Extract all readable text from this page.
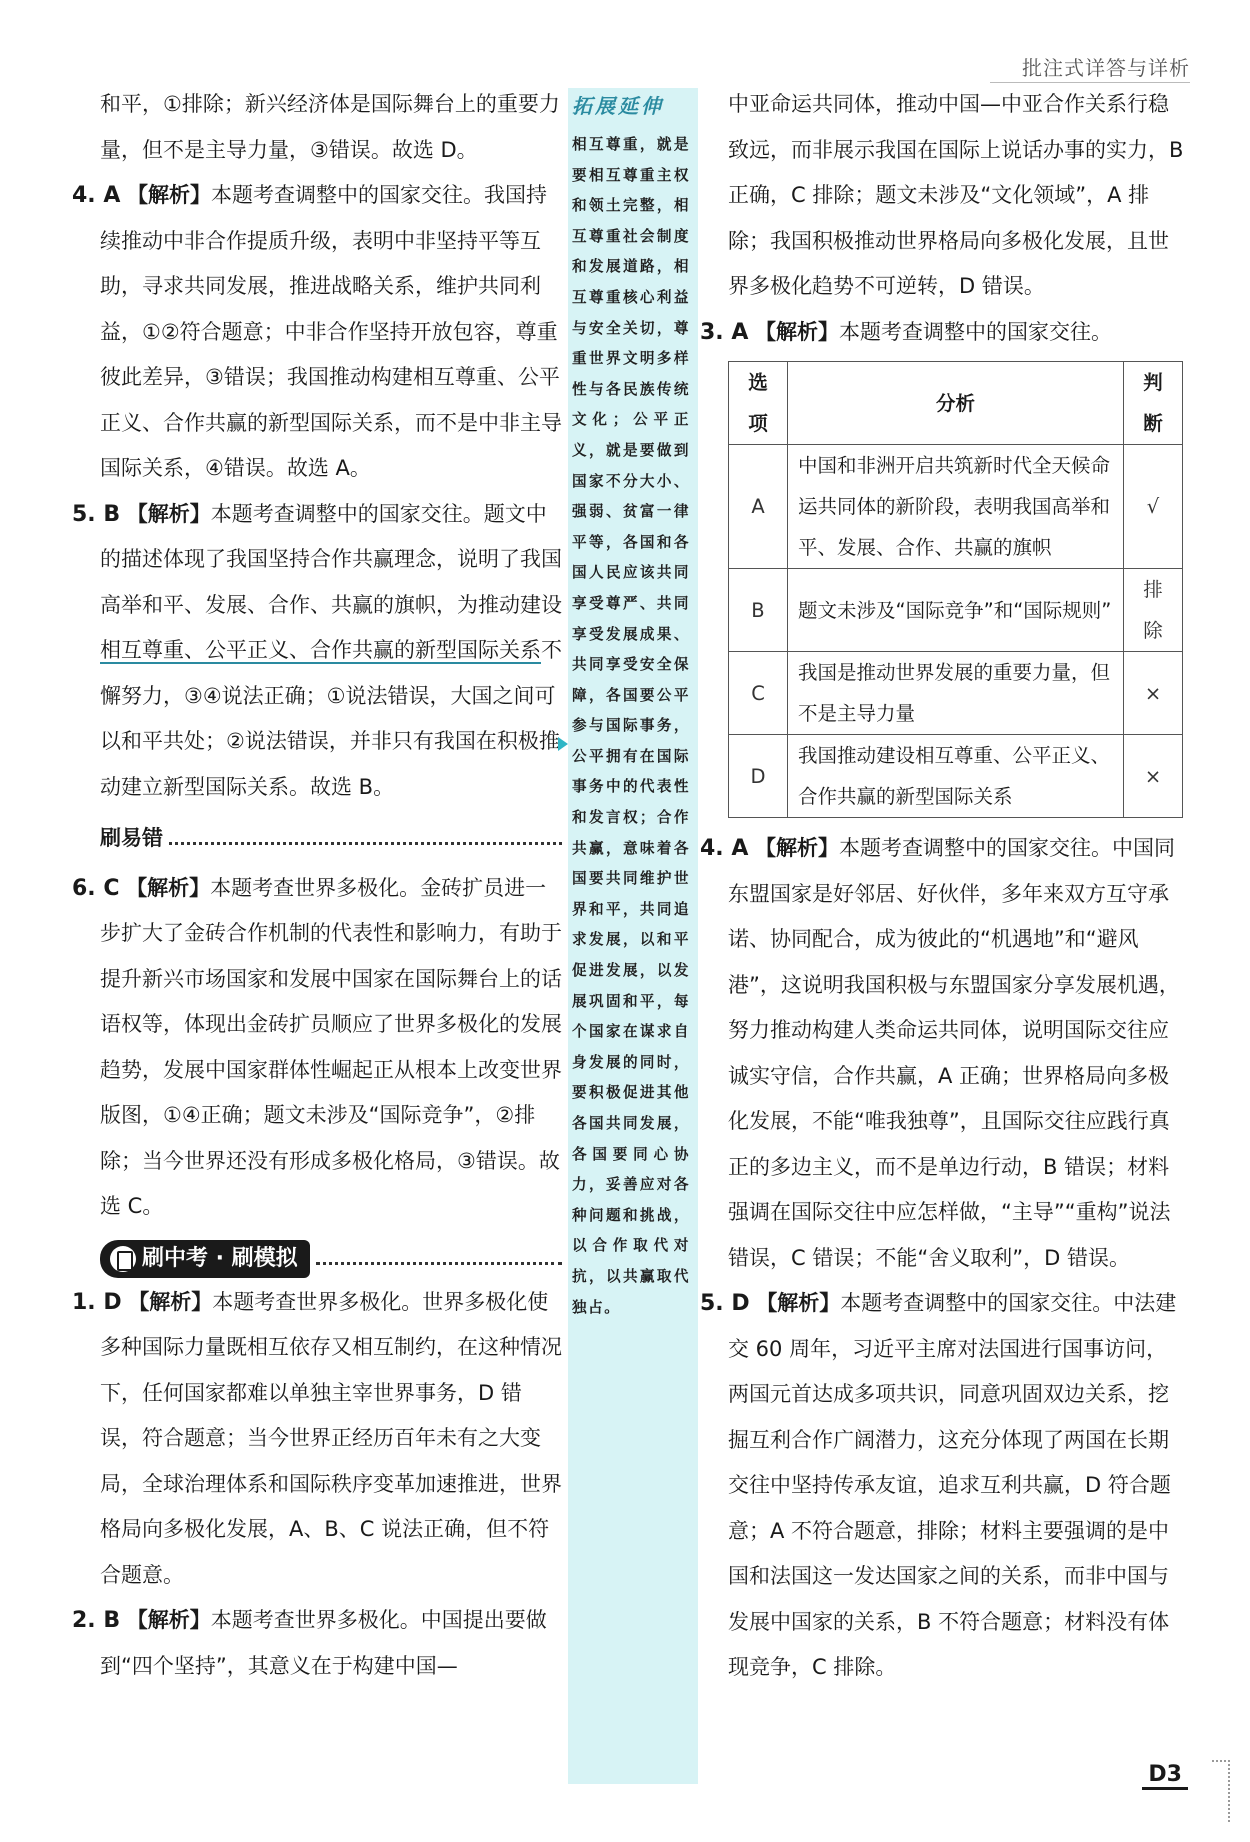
批注式详答与详析

和平，①排除；新兴经济体是国际舞台上的重要力量，但不是主导力量，③错误。故选 D。

4. A 【解析】本题考查调整中的国家交往。我国持续推动中非合作提质升级，表明中非坚持平等互助，寻求共同发展，推进战略关系，维护共同利益，①②符合题意；中非合作坚持开放包容，尊重彼此差异，③错误；我国推动构建相互尊重、公平正义、合作共赢的新型国际关系，而不是中非主导国际关系，④错误。故选 A。

5. B 【解析】本题考查调整中的国家交往。题文中的描述体现了我国坚持合作共赢理念，说明了我国高举和平、发展、合作、共赢的旗帜，为推动建设相互尊重、公平正义、合作共赢的新型国际关系不懈努力，③④说法正确；①说法错误，大国之间可以和平共处；②说法错误，并非只有我国在积极推动建立新型国际关系。故选 B。

刷易错

6. C 【解析】本题考查世界多极化。金砖扩员进一步扩大了金砖合作机制的代表性和影响力，有助于提升新兴市场国家和发展中国家在国际舞台上的话语权等，体现出金砖扩员顺应了世界多极化的发展趋势，发展中国家群体性崛起正从根本上改变世界版图，①④正确；题文未涉及“国际竞争”，②排除；当今世界还没有形成多极化格局，③错误。故选 C。

刷中考 · 刷模拟

1. D 【解析】本题考查世界多极化。世界多极化使多种国际力量既相互依存又相互制约，在这种情况下，任何国家都难以单独主宰世界事务，D 错误，符合题意；当今世界正经历百年未有之大变局，全球治理体系和国际秩序变革加速推进，世界格局向多极化发展，A、B、C 说法正确，但不符合题意。

2. B 【解析】本题考查世界多极化。中国提出要做到“四个坚持”，其意义在于构建中国—

拓展延伸
相互尊重，就是要相互尊重主权和领土完整，相互尊重社会制度和发展道路，相互尊重核心利益与安全关切，尊重世界文明多样性与各民族传统文化；公平正义，就是要做到国家不分大小、强弱、贫富一律平等，各国和各国人民应该共同享受尊严、共同享受发展成果、共同享受安全保障，各国要公平参与国际事务，公平拥有在国际事务中的代表性和发言权；合作共赢，意味着各国要共同维护世界和平，共同追求发展，以和平促进发展，以发展巩固和平，每个国家在谋求自身发展的同时，要积极促进其他各国共同发展，各国要同心协力，妥善应对各种问题和挑战，以合作取代对抗，以共赢取代独占。

中亚命运共同体，推动中国—中亚合作关系行稳致远，而非展示我国在国际上说话办事的实力，B 正确，C 排除；题文未涉及“文化领域”，A 排除；我国积极推动世界格局向多极化发展，且世界多极化趋势不可逆转，D 错误。

3. A 【解析】本题考查调整中的国家交往。

选项	分析	判断
A	中国和非洲开启共筑新时代全天候命运共同体的新阶段，表明我国高举和平、发展、合作、共赢的旗帜	√
B	题文未涉及“国际竞争”和“国际规则”	排除
C	我国是推动世界发展的重要力量，但不是主导力量	×
D	我国推动建设相互尊重、公平正义、合作共赢的新型国际关系	×

4. A 【解析】本题考查调整中的国家交往。中国同东盟国家是好邻居、好伙伴，多年来双方互守承诺、协同配合，成为彼此的“机遇地”和“避风港”，这说明我国积极与东盟国家分享发展机遇，努力推动构建人类命运共同体，说明国际交往应诚实守信，合作共赢，A 正确；世界格局向多极化发展，不能“唯我独尊”，且国际交往应践行真正的多边主义，而不是单边行动，B 错误；材料强调在国际交往中应怎样做，“主导”“重构”说法错误，C 错误；不能“舍义取利”，D 错误。

5. D 【解析】本题考查调整中的国家交往。中法建交 60 周年，习近平主席对法国进行国事访问，两国元首达成多项共识，同意巩固双边关系，挖掘互利合作广阔潜力，这充分体现了两国在长期交往中坚持传承友谊，追求互利共赢，D 符合题意；A 不符合题意，排除；材料主要强调的是中国和法国这一发达国家之间的关系，而非中国与发展中国家的关系，B 不符合题意；材料没有体现竞争，C 排除。

D3
